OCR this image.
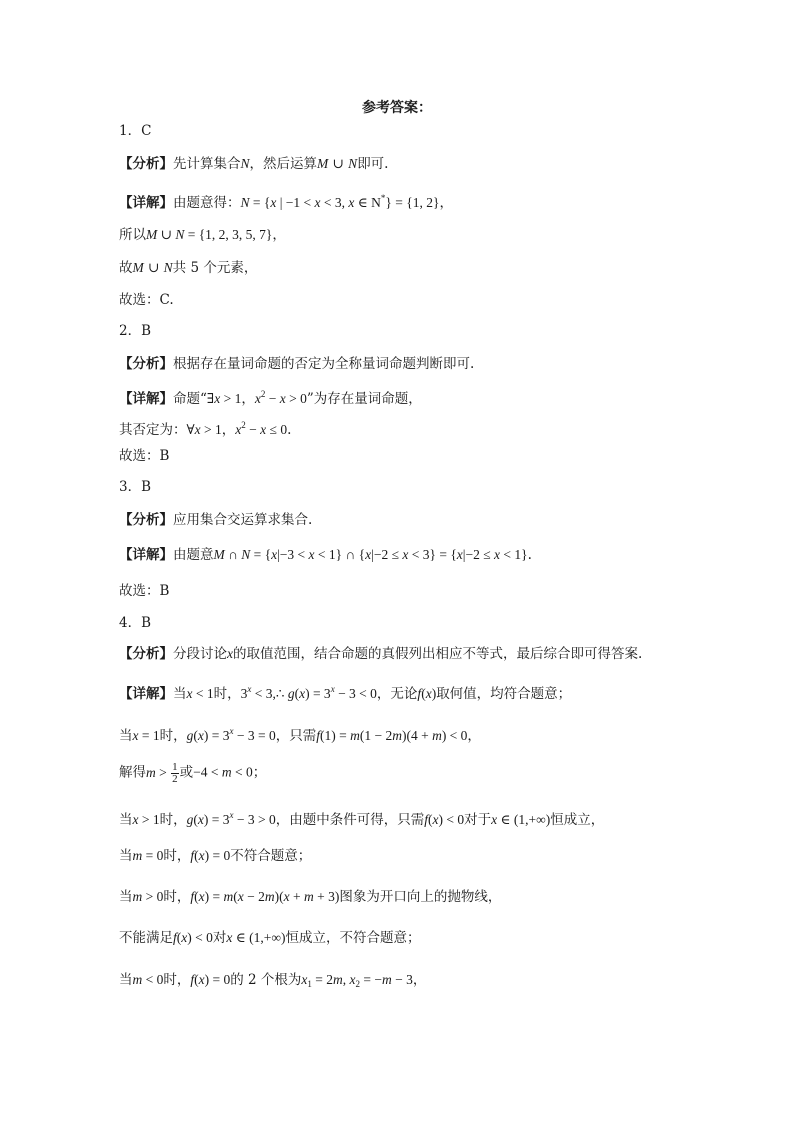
参考答案：
1．C
【分析】先计算集合N，然后运算M ∪ N即可.
【详解】由题意得：N = {x | −1 < x < 3, x ∈ N*} = {1, 2}，
所以M ∪ N = {1, 2, 3, 5, 7}，
故M ∪ N共 5 个元素，
故选：C.
2．B
【分析】根据存在量词命题的否定为全称量词命题判断即可.
【详解】命题“∃x > 1，$x^2 - x > 0$”为存在量词命题，
其否定为：∀x > 1，$x^2 - x \le 0$.
故选：B
3．B
【分析】应用集合交运算求集合.
【详解】由题意M ∩ N = {x|−3 < x < 1} ∩ {x|−2 ≤ x < 3} = {x|−2 ≤ x < 1}.
故选：B
4．B
【分析】分段讨论x的取值范围，结合命题的真假列出相应不等式，最后综合即可得答案.
【详解】当x < 1时，$3^x$ < 3,∴ $g(x) = 3^x - 3 < 0$，无论f(x)取何值，均符合题意；
当x = 1时，$g(x) = 3^x - 3 = 0$，只需f(1) = m(1 − 2m)(4 + m) < 0，
解得$m > \frac{1}{2}$ 或−4 < m < 0；
当x > 1时，$g(x) = 3^x - 3 > 0$，由题中条件可得，只需f(x) < 0对于x ∈ (1,+∞)恒成立，
当m = 0时，f(x) = 0不符合题意；
当m > 0时，f(x) = m(x − 2m)(x + m + 3)图象为开口向上的抛物线，
不能满足f(x) < 0对x ∈ (1,+∞)恒成立，不符合题意；
当m < 0时，f(x) = 0的 2 个根为$x_1 = 2m$, $x_2 = -m - 3$，
